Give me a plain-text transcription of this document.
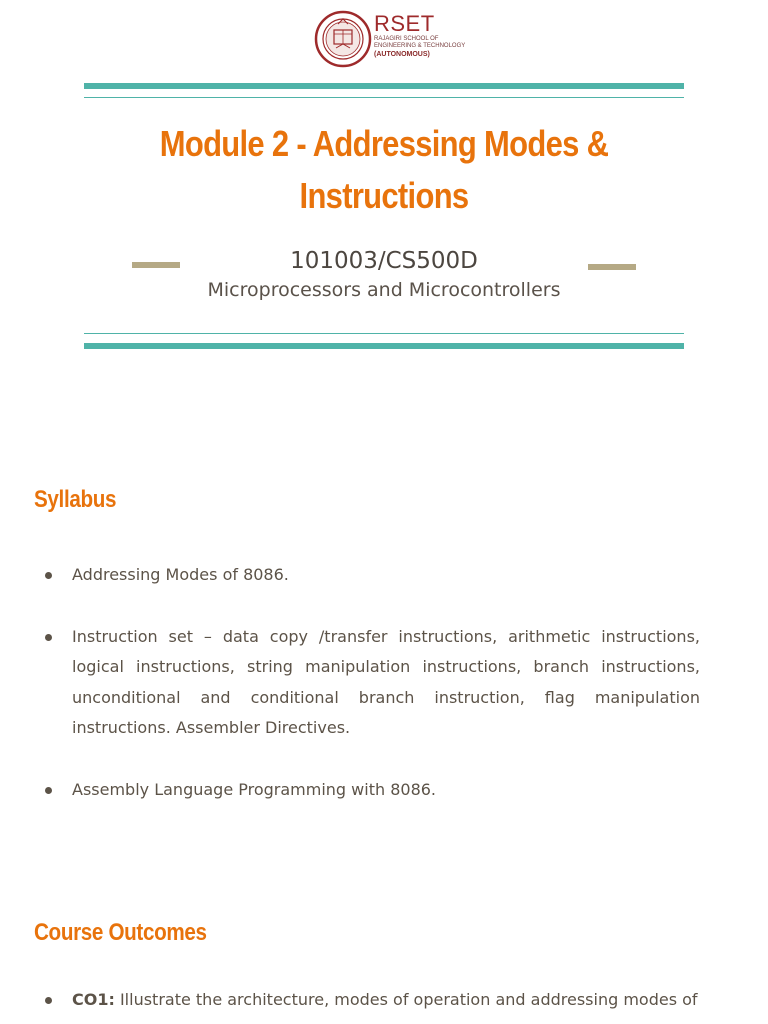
RSET
RAJAGIRI SCHOOL OF
ENGINEERING & TECHNOLOGY
(AUTONOMOUS)
Module 2 - Addressing Modes & Instructions
101003/CS500D
Microprocessors and Microcontrollers
Syllabus
Addressing Modes of 8086.
Instruction set – data copy /transfer instructions, arithmetic instructions, logical instructions, string manipulation instructions, branch instructions, unconditional and conditional branch instruction, flag manipulation instructions. Assembler Directives.
Assembly Language Programming with 8086.
Course Outcomes
CO1: Illustrate the architecture, modes of operation and addressing modes of
